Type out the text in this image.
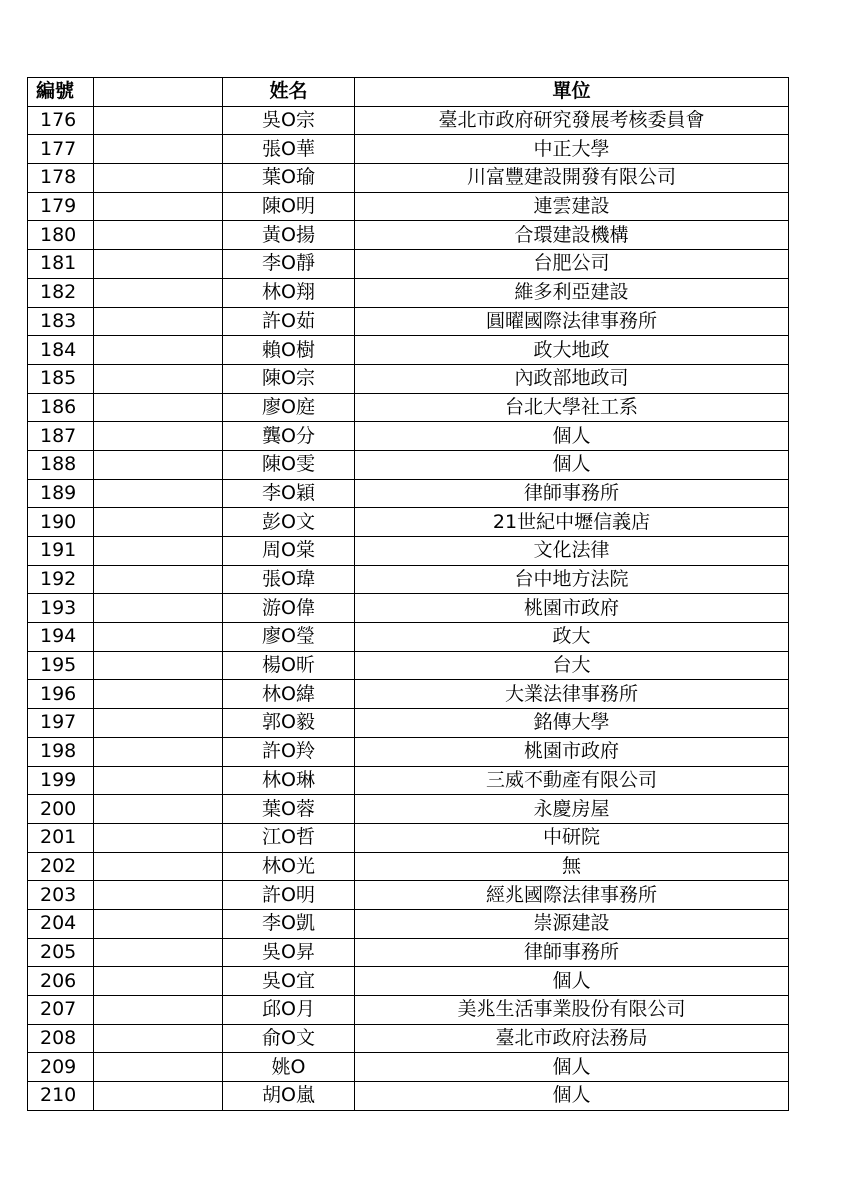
編號		姓名	單位
176		吳O宗	臺北市政府研究發展考核委員會
177		張O華	中正大學
178		葉O瑜	川富豐建設開發有限公司
179		陳O明	連雲建設
180		黃O揚	合環建設機構
181		李O靜	台肥公司
182		林O翔	維多利亞建設
183		許O茹	圓曜國際法律事務所
184		賴O樹	政大地政
185		陳O宗	內政部地政司
186		廖O庭	台北大學社工系
187		龔O分	個人
188		陳O雯	個人
189		李O穎	律師事務所
190		彭O文	21世紀中壢信義店
191		周O棠	文化法律
192		張O瑋	台中地方法院
193		游O偉	桃園市政府
194		廖O瑩	政大
195		楊O昕	台大
196		林O緯	大業法律事務所
197		郭O毅	銘傳大學
198		許O羚	桃園市政府
199		林O琳	三威不動產有限公司
200		葉O蓉	永慶房屋
201		江O哲	中研院
202		林O光	無
203		許O明	經兆國際法律事務所
204		李O凱	崇源建設
205		吳O昇	律師事務所
206		吳O宜	個人
207		邱O月	美兆生活事業股份有限公司
208		俞O文	臺北市政府法務局
209		姚O	個人
210		胡O嵐	個人
